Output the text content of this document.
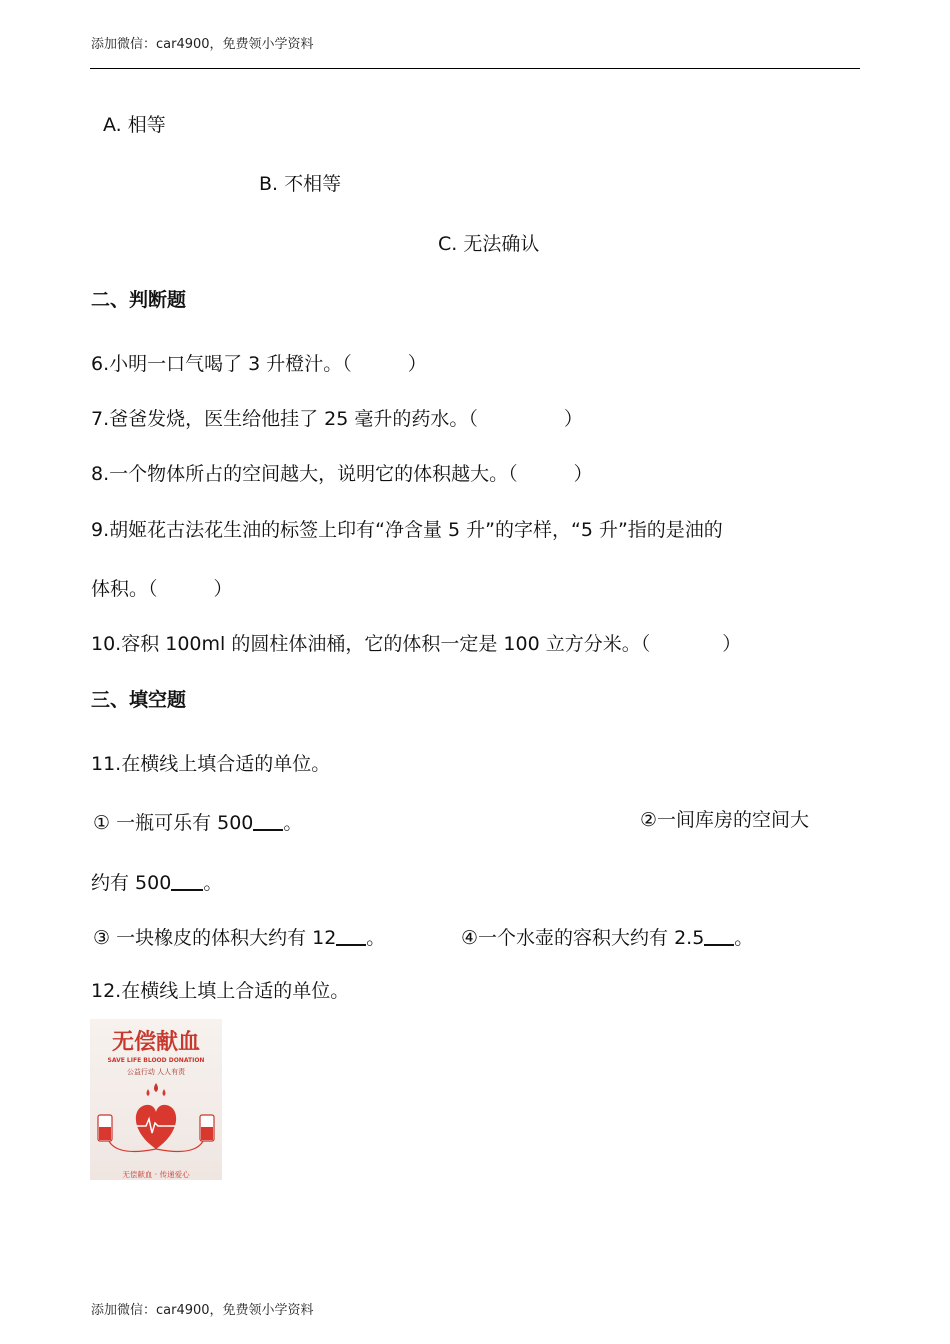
添加微信：car4900，免费领小学资料
A. 相等
B. 不相等
C. 无法确认
二、判断题
6.小明一口气喝了 3 升橙汁。（	）
7.爸爸发烧，医生给他挂了 25 毫升的药水。（	）
8.一个物体所占的空间越大，说明它的体积越大。（	）
9.胡姬花古法花生油的标签上印有“净含量 5 升”的字样，“5 升”指的是油的
体积。（	）
10.容积 100ml 的圆柱体油桶，它的体积一定是 100 立方分米。（	）
三、填空题
11.在横线上填合适的单位。
① 一瓶可乐有 500 。	②一间库房的空间大
约有 500 。
③ 一块橡皮的体积大约有 12 。	④一个水壶的容积大约有 2.5 。
12.在横线上填上合适的单位。
无偿献血
SAVE LIFE BLOOD DONATION
公益行动 人人有责
无偿献血 · 传递爱心
添加微信：car4900，免费领小学资料
